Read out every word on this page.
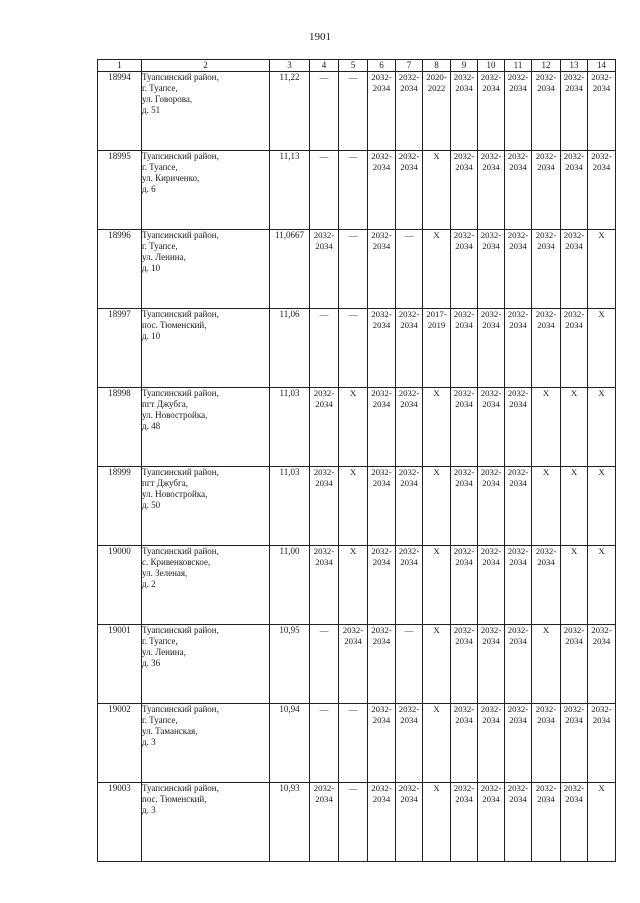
1901
1	2	3	4	5	6	7	8	9	10	11	12	13	14
18994	Туапсинский район,
г. Туапсе,
ул. Говорова,
д. 51	11,22	—	—	2032-
2034	2032-
2034	2020-
2022	2032-
2034	2032-
2034	2032-
2034	2032-
2034	2032-
2034	2032-
2034
18995	Туапсинский район,
г. Туапсе,
ул. Кириченко,
д. 6	11,13	—	—	2032-
2034	2032-
2034	X	2032-
2034	2032-
2034	2032-
2034	2032-
2034	2032-
2034	2032-
2034
18996	Туапсинский район,
г. Туапсе,
ул. Ленина,
д. 10	11,0667	2032-
2034	—	2032-
2034	—	X	2032-
2034	2032-
2034	2032-
2034	2032-
2034	2032-
2034	X
18997	Туапсинский район,
пос. Тюменский,
д. 10	11,06	—	—	2032-
2034	2032-
2034	2017-
2019	2032-
2034	2032-
2034	2032-
2034	2032-
2034	2032-
2034	X
18998	Туапсинский район,
пгт Джубга,
ул. Новостройка,
д. 48	11,03	2032-
2034	X	2032-
2034	2032-
2034	X	2032-
2034	2032-
2034	2032-
2034	X	X	X
18999	Туапсинский район,
пгт Джубга,
ул. Новостройка,
д. 50	11,03	2032-
2034	X	2032-
2034	2032-
2034	X	2032-
2034	2032-
2034	2032-
2034	X	X	X
19000	Туапсинский район,
с. Кривенковское,
ул. Зеленая,
д. 2	11,00	2032-
2034	X	2032-
2034	2032-
2034	X	2032-
2034	2032-
2034	2032-
2034	2032-
2034	X	X
19001	Туапсинский район,
г. Туапсе,
ул. Ленина,
д. 36	10,95	—	2032-
2034	2032-
2034	—	X	2032-
2034	2032-
2034	2032-
2034	X	2032-
2034	2032-
2034
19002	Туапсинский район,
г. Туапсе,
ул. Таманская,
д. 3	10,94	—	—	2032-
2034	2032-
2034	X	2032-
2034	2032-
2034	2032-
2034	2032-
2034	2032-
2034	2032-
2034
19003	Туапсинский район,
пос. Тюменский,
д. 3	10,93	2032-
2034	—	2032-
2034	2032-
2034	X	2032-
2034	2032-
2034	2032-
2034	2032-
2034	2032-
2034	X
